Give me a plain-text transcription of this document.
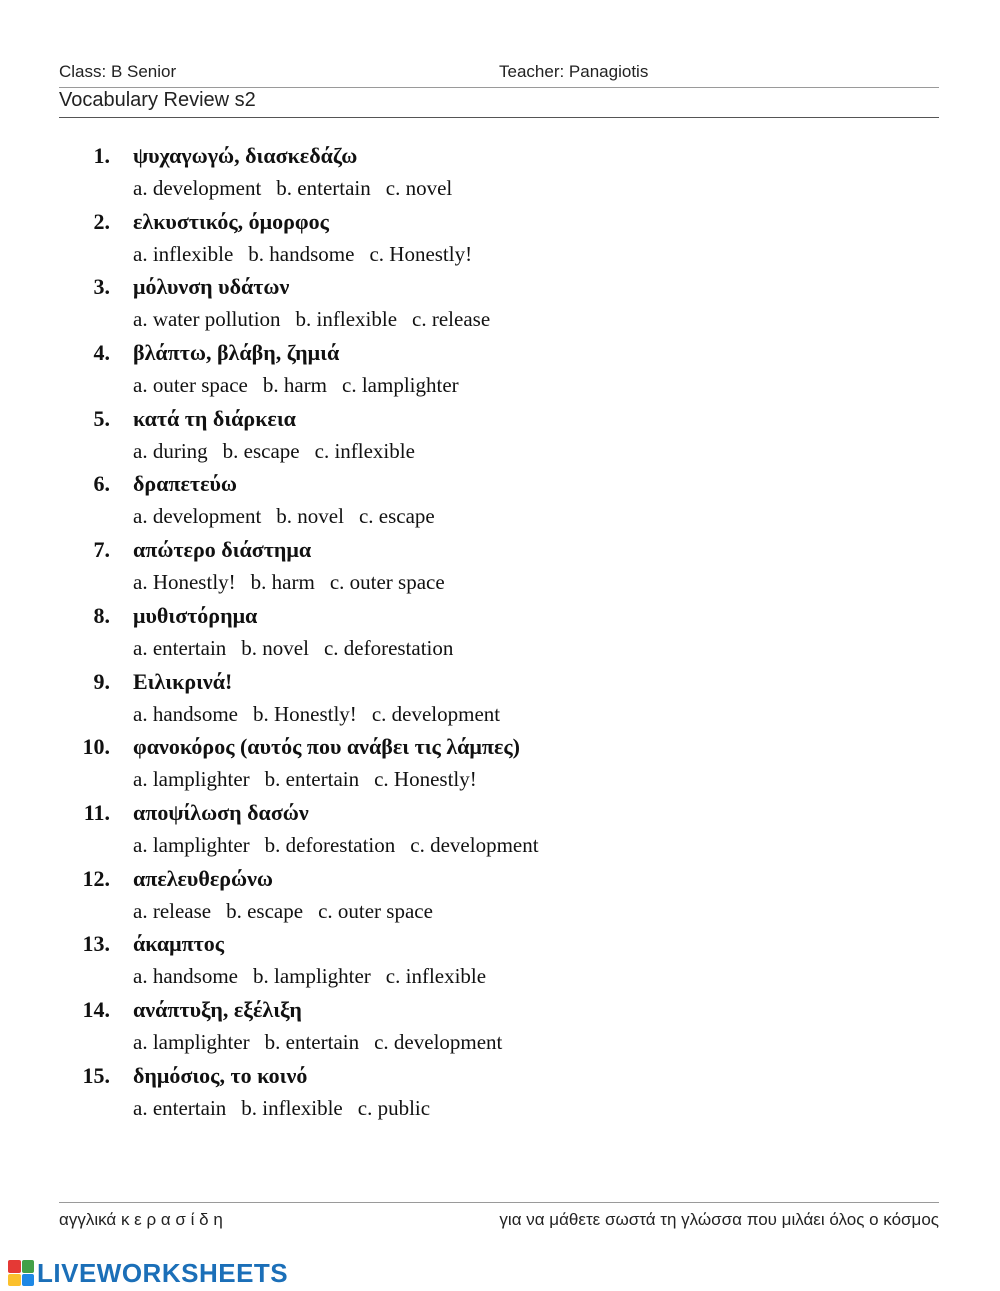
Class: B Senior	Teacher: Panagiotis
Vocabulary Review s2
1. ψυχαγωγώ, διασκεδάζω
a. development b. entertain c. novel
2. ελκυστικός, όμορφος
a. inflexible b. handsome c. Honestly!
3. μόλυνση υδάτων
a. water pollution b. inflexible c. release
4. βλάπτω, βλάβη, ζημιά
a. outer space b. harm c. lamplighter
5. κατά τη διάρκεια
a. during b. escape c. inflexible
6. δραπετεύω
a. development b. novel c. escape
7. απώτερο διάστημα
a. Honestly! b. harm c. outer space
8. μυθιστόρημα
a. entertain b. novel c. deforestation
9. Ειλικρινά!
a. handsome b. Honestly! c. development
10. φανοκόρος (αυτός που ανάβει τις λάμπες)
a. lamplighter b. entertain c. Honestly!
11. αποψίλωση δασών
a. lamplighter b. deforestation c. development
12. απελευθερώνω
a. release b. escape c. outer space
13. άκαμπτος
a. handsome b. lamplighter c. inflexible
14. ανάπτυξη, εξέλιξη
a. lamplighter b. entertain c. development
15. δημόσιος, το κοινό
a. entertain b. inflexible c. public
αγγλικά κ ε ρ α σ ί δ η	για να μάθετε σωστά τη γλώσσα που μιλάει όλος ο κόσμος
LIVEWORKSHEETS
